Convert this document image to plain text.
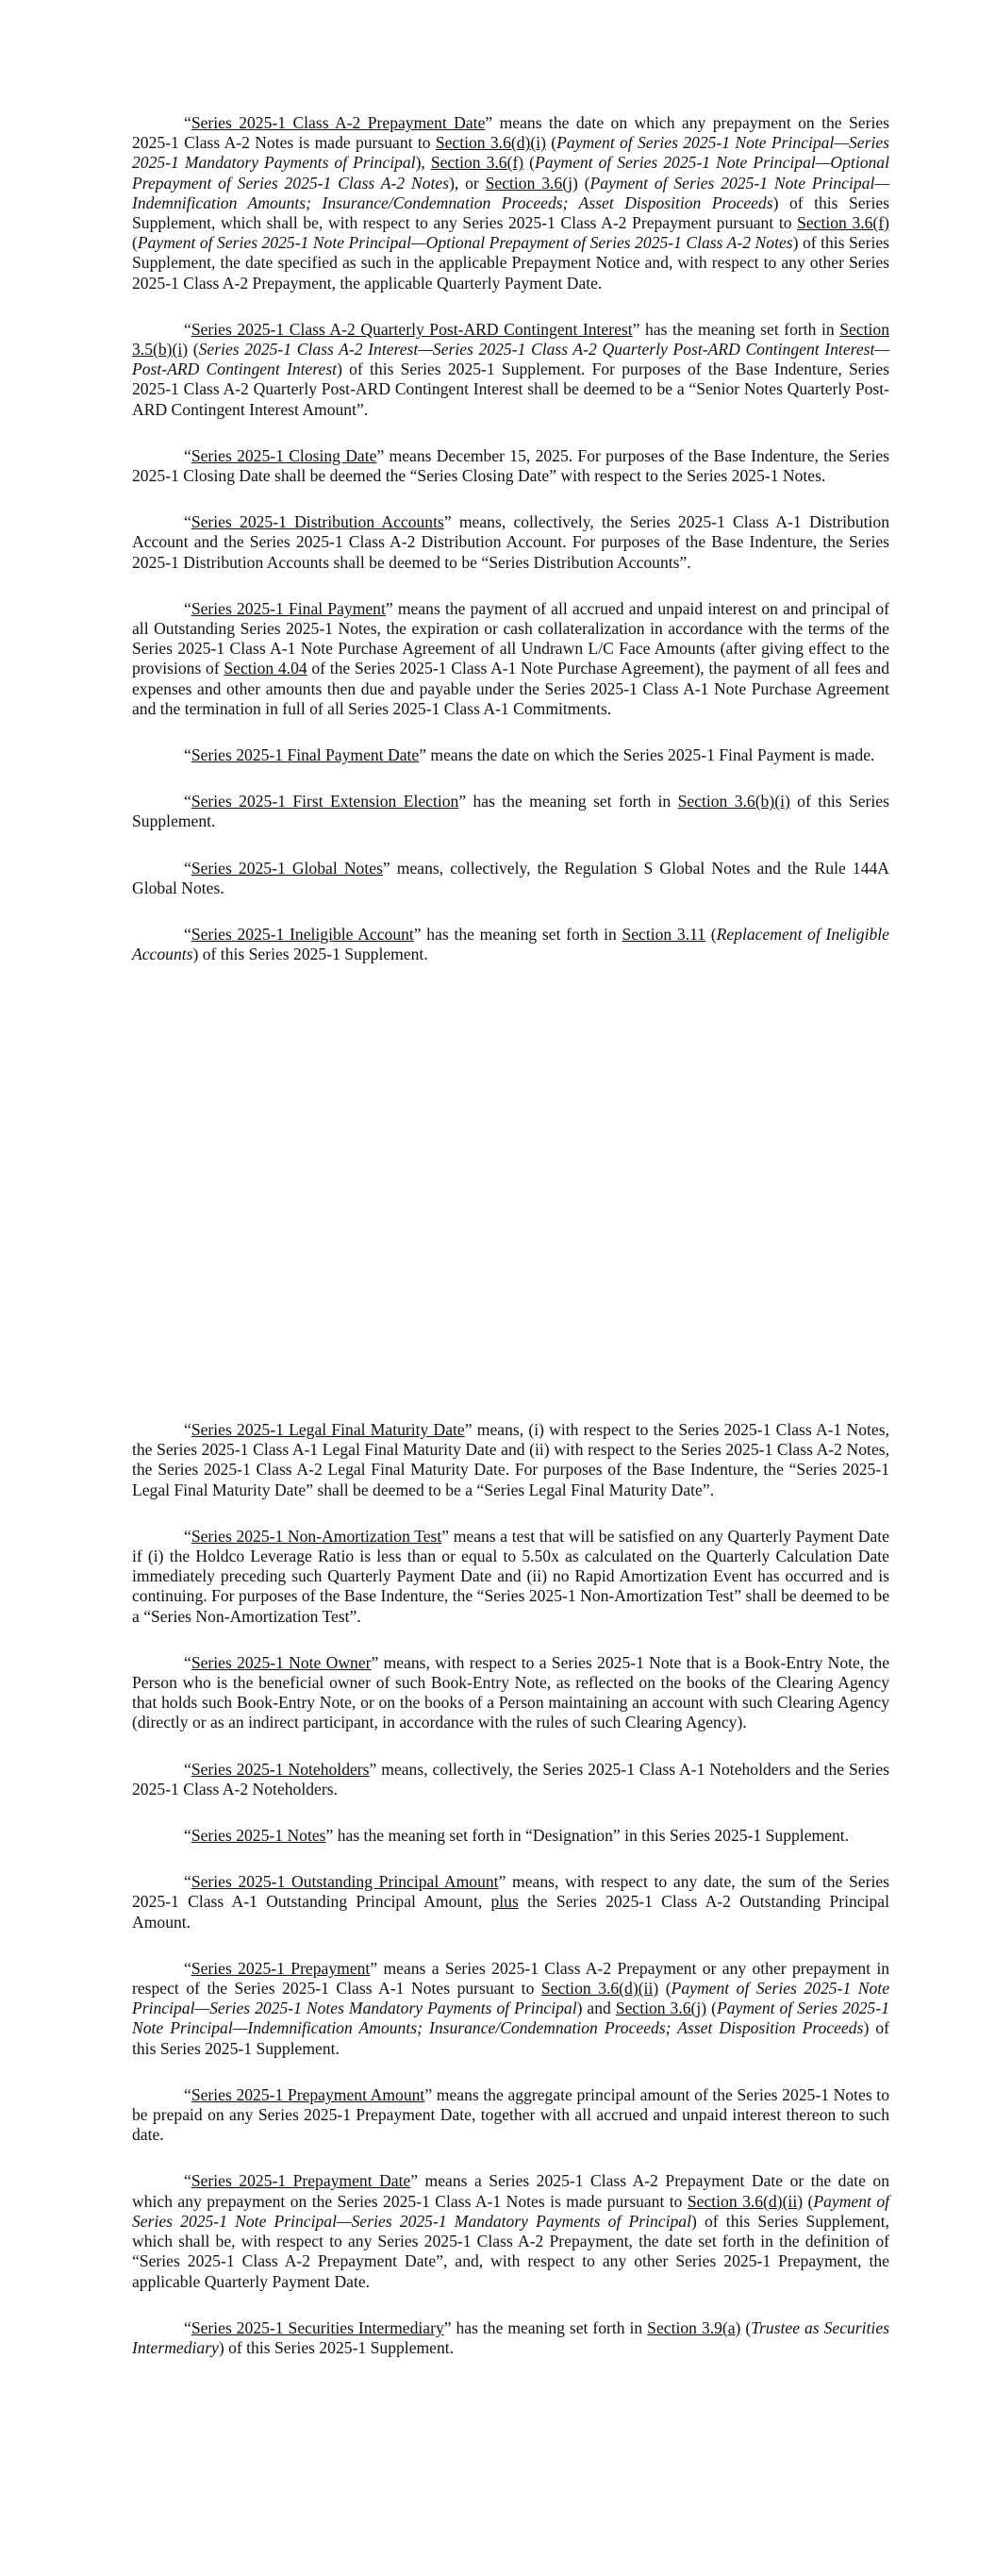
“Series 2025-1 Class A-2 Prepayment Date” means the date on which any prepayment on the Series 2025-1 Class A-2 Notes is made pursuant to Section 3.6(d)(i) (Payment of Series 2025-1 Note Principal—Series 2025-1 Mandatory Payments of Principal), Section 3.6(f) (Payment of Series 2025-1 Note Principal—Optional Prepayment of Series 2025-1 Class A-2 Notes), or Section 3.6(j) (Payment of Series 2025-1 Note Principal—Indemnification Amounts; Insurance/Condemnation Proceeds; Asset Disposition Proceeds) of this Series Supplement, which shall be, with respect to any Series 2025-1 Class A-2 Prepayment pursuant to Section 3.6(f) (Payment of Series 2025-1 Note Principal—Optional Prepayment of Series 2025-1 Class A-2 Notes) of this Series Supplement, the date specified as such in the applicable Prepayment Notice and, with respect to any other Series 2025-1 Class A-2 Prepayment, the applicable Quarterly Payment Date.

“Series 2025-1 Class A-2 Quarterly Post-ARD Contingent Interest” has the meaning set forth in Section 3.5(b)(i) (Series 2025-1 Class A-2 Interest—Series 2025-1 Class A-2 Quarterly Post-ARD Contingent Interest—Post-ARD Contingent Interest) of this Series 2025-1 Supplement. For purposes of the Base Indenture, Series 2025-1 Class A-2 Quarterly Post-ARD Contingent Interest shall be deemed to be a “Senior Notes Quarterly Post-ARD Contingent Interest Amount”.

“Series 2025-1 Closing Date” means December 15, 2025. For purposes of the Base Indenture, the Series 2025-1 Closing Date shall be deemed the “Series Closing Date” with respect to the Series 2025-1 Notes.

“Series 2025-1 Distribution Accounts” means, collectively, the Series 2025-1 Class A-1 Distribution Account and the Series 2025-1 Class A-2 Distribution Account. For purposes of the Base Indenture, the Series 2025-1 Distribution Accounts shall be deemed to be “Series Distribution Accounts”.

“Series 2025-1 Final Payment” means the payment of all accrued and unpaid interest on and principal of all Outstanding Series 2025-1 Notes, the expiration or cash collateralization in accordance with the terms of the Series 2025-1 Class A-1 Note Purchase Agreement of all Undrawn L/C Face Amounts (after giving effect to the provisions of Section 4.04 of the Series 2025-1 Class A-1 Note Purchase Agreement), the payment of all fees and expenses and other amounts then due and payable under the Series 2025-1 Class A-1 Note Purchase Agreement and the termination in full of all Series 2025-1 Class A-1 Commitments.

“Series 2025-1 Final Payment Date” means the date on which the Series 2025-1 Final Payment is made.

“Series 2025-1 First Extension Election” has the meaning set forth in Section 3.6(b)(i) of this Series Supplement.

“Series 2025-1 Global Notes” means, collectively, the Regulation S Global Notes and the Rule 144A Global Notes.

“Series 2025-1 Ineligible Account” has the meaning set forth in Section 3.11 (Replacement of Ineligible Accounts) of this Series 2025-1 Supplement.

“Series 2025-1 Legal Final Maturity Date” means, (i) with respect to the Series 2025-1 Class A-1 Notes, the Series 2025-1 Class A-1 Legal Final Maturity Date and (ii) with respect to the Series 2025-1 Class A-2 Notes, the Series 2025-1 Class A-2 Legal Final Maturity Date. For purposes of the Base Indenture, the “Series 2025-1 Legal Final Maturity Date” shall be deemed to be a “Series Legal Final Maturity Date”.

“Series 2025-1 Non-Amortization Test” means a test that will be satisfied on any Quarterly Payment Date if (i) the Holdco Leverage Ratio is less than or equal to 5.50x as calculated on the Quarterly Calculation Date immediately preceding such Quarterly Payment Date and (ii) no Rapid Amortization Event has occurred and is continuing. For purposes of the Base Indenture, the “Series 2025-1 Non-Amortization Test” shall be deemed to be a “Series Non-Amortization Test”.

“Series 2025-1 Note Owner” means, with respect to a Series 2025-1 Note that is a Book-Entry Note, the Person who is the beneficial owner of such Book-Entry Note, as reflected on the books of the Clearing Agency that holds such Book-Entry Note, or on the books of a Person maintaining an account with such Clearing Agency (directly or as an indirect participant, in accordance with the rules of such Clearing Agency).

“Series 2025-1 Noteholders” means, collectively, the Series 2025-1 Class A-1 Noteholders and the Series 2025-1 Class A-2 Noteholders.

“Series 2025-1 Notes” has the meaning set forth in “Designation” in this Series 2025-1 Supplement.

“Series 2025-1 Outstanding Principal Amount” means, with respect to any date, the sum of the Series 2025-1 Class A-1 Outstanding Principal Amount, plus the Series 2025-1 Class A-2 Outstanding Principal Amount.

“Series 2025-1 Prepayment” means a Series 2025-1 Class A-2 Prepayment or any other prepayment in respect of the Series 2025-1 Class A-1 Notes pursuant to Section 3.6(d)(ii) (Payment of Series 2025-1 Note Principal—Series 2025-1 Notes Mandatory Payments of Principal) and Section 3.6(j) (Payment of Series 2025-1 Note Principal—Indemnification Amounts; Insurance/Condemnation Proceeds; Asset Disposition Proceeds) of this Series 2025-1 Supplement.

“Series 2025-1 Prepayment Amount” means the aggregate principal amount of the Series 2025-1 Notes to be prepaid on any Series 2025-1 Prepayment Date, together with all accrued and unpaid interest thereon to such date.

“Series 2025-1 Prepayment Date” means a Series 2025-1 Class A-2 Prepayment Date or the date on which any prepayment on the Series 2025-1 Class A-1 Notes is made pursuant to Section 3.6(d)(ii) (Payment of Series 2025-1 Note Principal—Series 2025-1 Mandatory Payments of Principal) of this Series Supplement, which shall be, with respect to any Series 2025-1 Class A-2 Prepayment, the date set forth in the definition of “Series 2025-1 Class A-2 Prepayment Date”, and, with respect to any other Series 2025-1 Prepayment, the applicable Quarterly Payment Date.

“Series 2025-1 Securities Intermediary” has the meaning set forth in Section 3.9(a) (Trustee as Securities Intermediary) of this Series 2025-1 Supplement.
